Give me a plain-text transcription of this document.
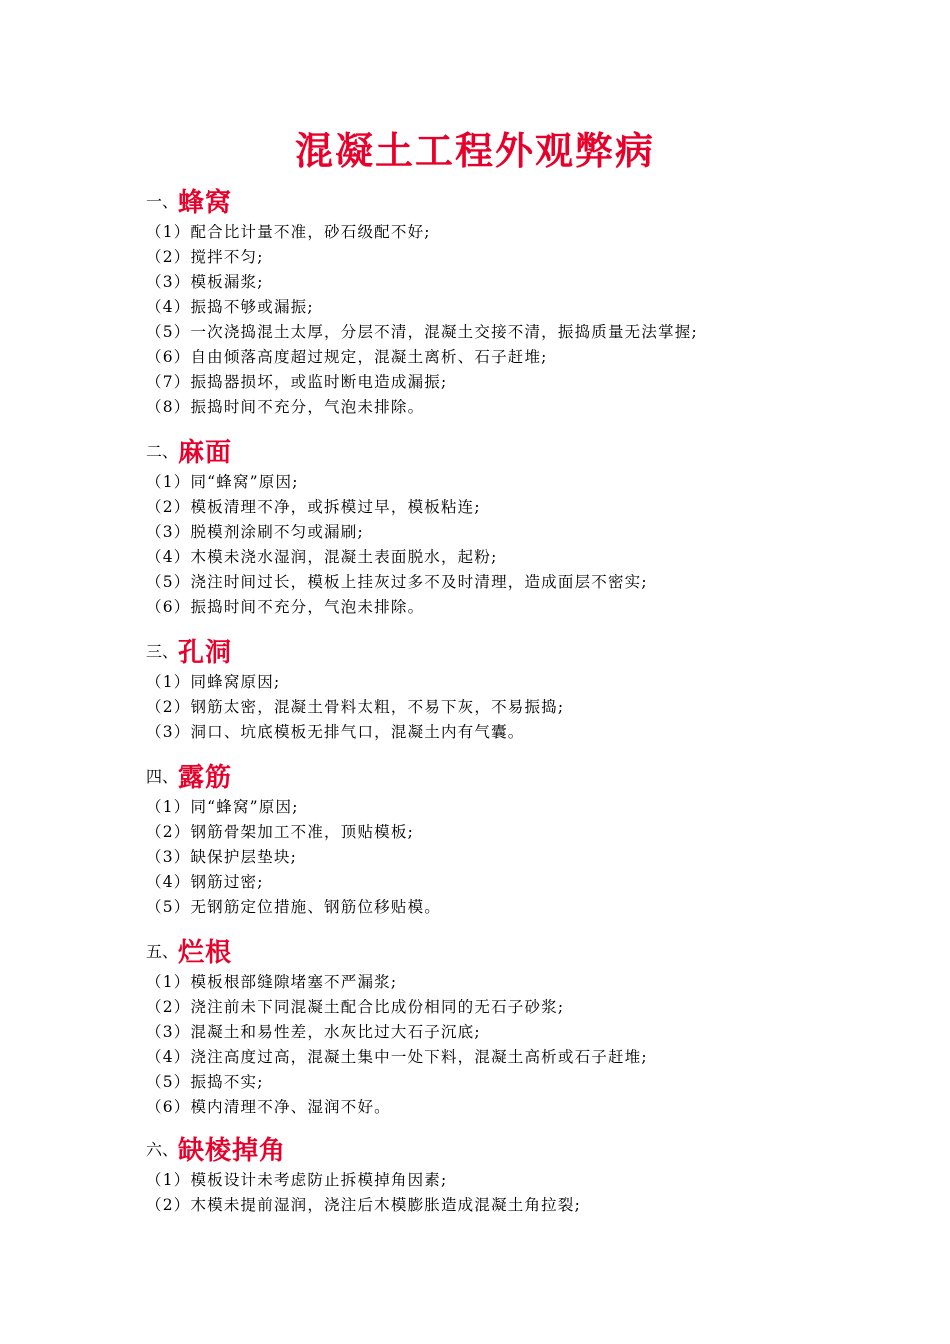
混凝土工程外观弊病
一、 蜂窝
（1）配合比计量不准，砂石级配不好;
（2）搅拌不匀;
（3）模板漏浆;
（4）振捣不够或漏振;
（5）一次浇捣混土太厚，分层不清，混凝土交接不清，振捣质量无法掌握;
（6）自由倾落高度超过规定，混凝土离析、石子赶堆;
（7）振捣器损坏，或监时断电造成漏振;
（8）振捣时间不充分，气泡未排除。
二、 麻面
（1）同“蜂窝”原因;
（2）模板清理不净，或拆模过早，模板粘连;
（3）脱模剂涂刷不匀或漏刷;
（4）木模未浇水湿润，混凝土表面脱水，起粉;
（5）浇注时间过长，模板上挂灰过多不及时清理，造成面层不密实;
（6）振捣时间不充分，气泡未排除。
三、 孔洞
（1）同蜂窝原因;
（2）钢筋太密，混凝土骨料太粗，不易下灰，不易振捣;
（3）洞口、坑底模板无排气口，混凝土内有气囊。
四、 露筋
（1）同“蜂窝”原因;
（2）钢筋骨架加工不准，顶贴模板;
（3）缺保护层垫块;
（4）钢筋过密;
（5）无钢筋定位措施、钢筋位移贴模。
五、 烂根
（1）模板根部缝隙堵塞不严漏浆;
（2）浇注前未下同混凝土配合比成份相同的无石子砂浆;
（3）混凝土和易性差，水灰比过大石子沉底;
（4）浇注高度过高，混凝土集中一处下料，混凝土高析或石子赶堆;
（5）振捣不实;
（6）模内清理不净、湿润不好。
六、 缺棱掉角
（1）模板设计未考虑防止拆模掉角因素;
（2）木模未提前湿润，浇注后木模膨胀造成混凝土角拉裂;
